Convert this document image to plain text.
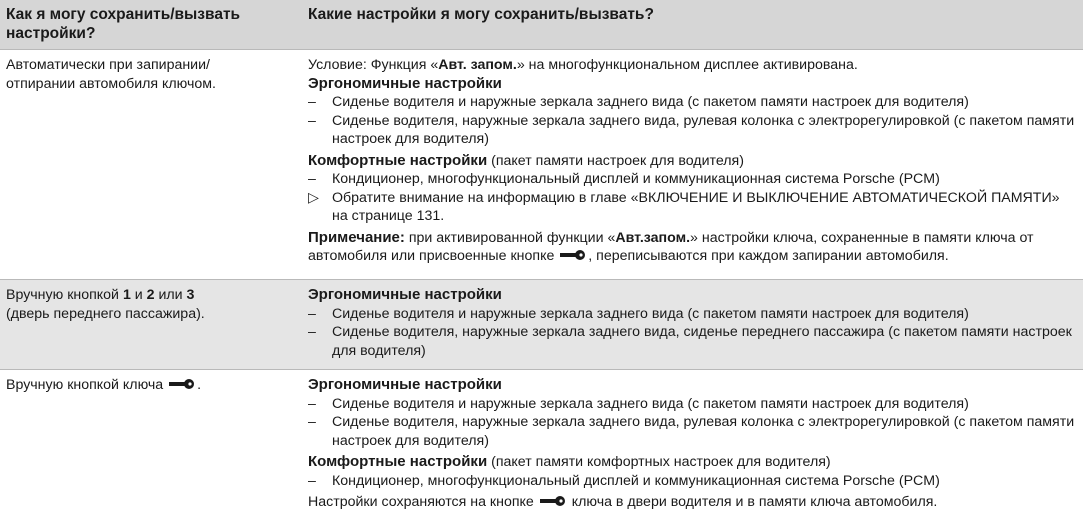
Как я могу сохранить/вызвать настройки?
Какие настройки я могу сохранить/вызвать?
Автоматически при запирании/ отпирании автомобиля ключом.
Условие: Функция «Авт. запом.» на многофункциональном дисплее активирована.
Эргономичные настройки
– Сиденье водителя и наружные зеркала заднего вида (с пакетом памяти настроек для водителя)
– Сиденье водителя, наружные зеркала заднего вида, рулевая колонка с электрорегулировкой (с пакетом памяти настроек для водителя)
Комфортные настройки (пакет памяти настроек для водителя)
– Кондиционер, многофункциональный дисплей и коммуникационная система Porsche (PCM)
▷ Обратите внимание на информацию в главе «ВКЛЮЧЕНИЕ И ВЫКЛЮЧЕНИЕ АВТОМАТИЧЕСКОЙ ПАМЯТИ» на странице 131.
Примечание: при активированной функции «Авт.запом.» настройки ключа, сохраненные в памяти ключа от автомобиля или присвоенные кнопке , переписываются при каждом запирании автомобиля.
Вручную кнопкой 1 и 2 или 3
(дверь переднего пассажира).
Эргономичные настройки
– Сиденье водителя и наружные зеркала заднего вида (с пакетом памяти настроек для водителя)
– Сиденье водителя, наружные зеркала заднего вида, сиденье переднего пассажира (с пакетом памяти настроек для водителя)
Вручную кнопкой ключа .	Эргономичные настройки
– Сиденье водителя и наружные зеркала заднего вида (с пакетом памяти настроек для водителя)
– Сиденье водителя, наружные зеркала заднего вида, рулевая колонка с электрорегулировкой (с пакетом памяти настроек для водителя)
Комфортные настройки (пакет памяти комфортных настроек для водителя)
– Кондиционер, многофункциональный дисплей и коммуникационная система Porsche (PCM)
Настройки сохраняются на кнопке	ключа в двери водителя и в памяти ключа автомобиля.
